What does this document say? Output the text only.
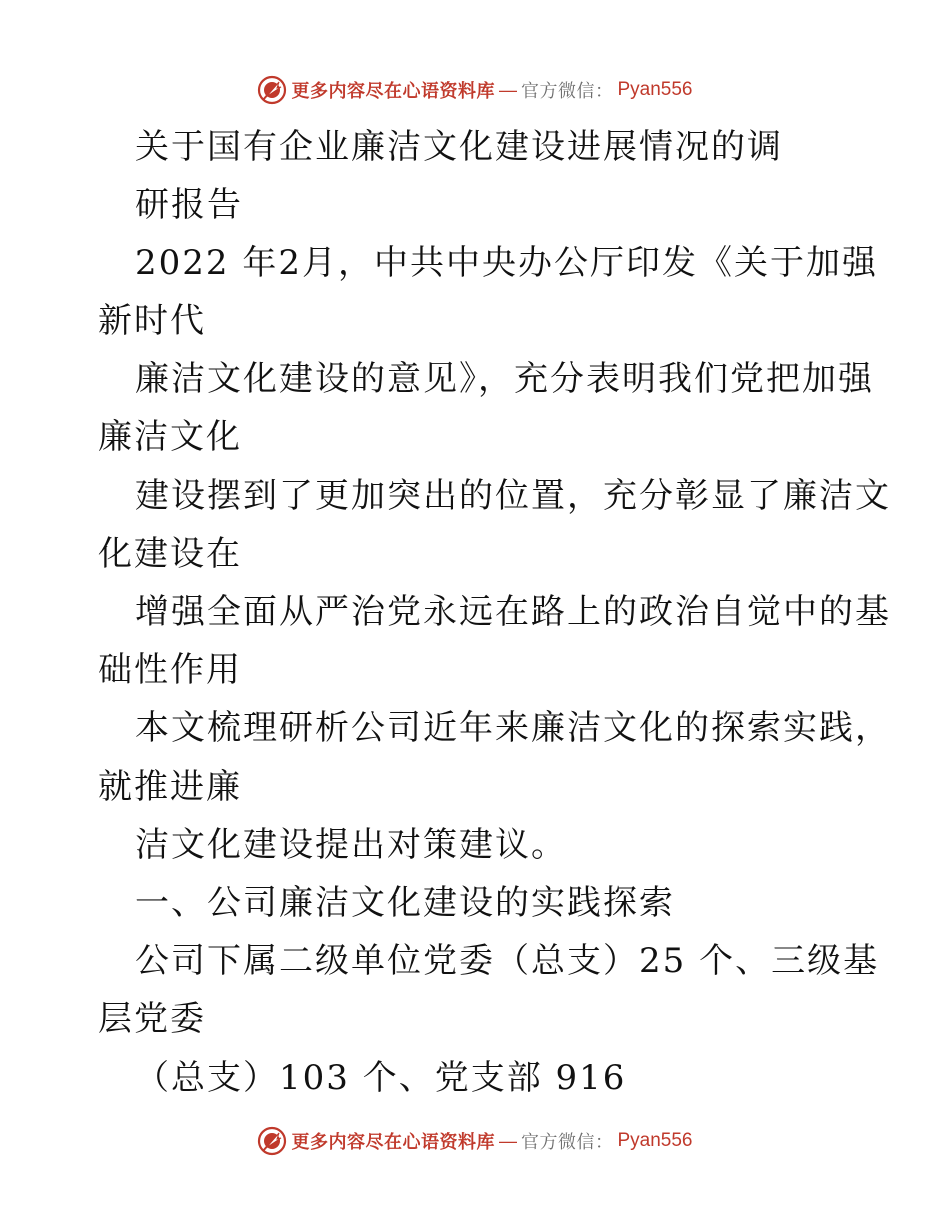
更多内容尽在心语资料库 — 官方微信： Pyan556
关于国有企业廉洁文化建设进展情况的调
研报告
2022 年2月，中共中央办公厅印发《关于加强
新时代
廉洁文化建设的意见》，充分表明我们党把加强
廉洁文化
建设摆到了更加突出的位置，充分彰显了廉洁文
化建设在
增强全面从严治党永远在路上的政治自觉中的基
础性作用
本文梳理研析公司近年来廉洁文化的探索实践，
就推进廉
洁文化建设提出对策建议。
一、公司廉洁文化建设的实践探索
公司下属二级单位党委（总支）25 个、三级基
层党委
（总支）103 个、党支部 916
更多内容尽在心语资料库 — 官方微信： Pyan556
